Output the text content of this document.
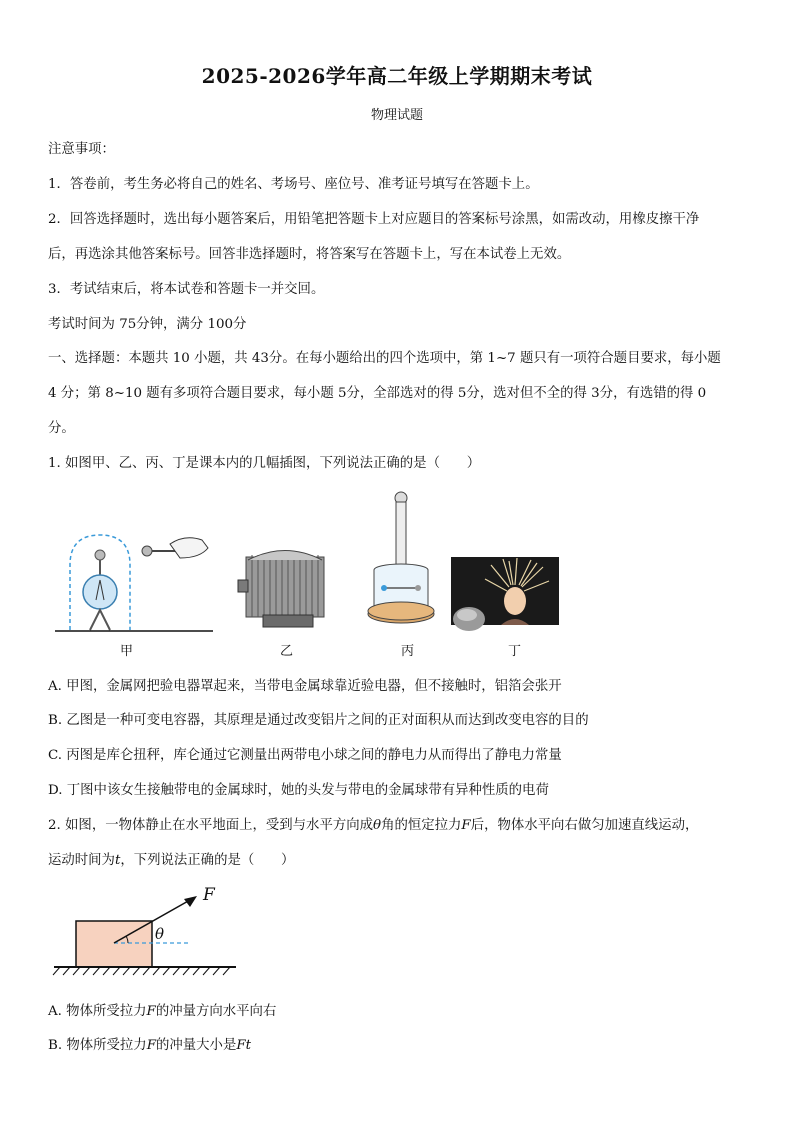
2025-2026学年高二年级上学期期末考试
物理试题
注意事项：
1．答卷前，考生务必将自己的姓名、考场号、座位号、准考证号填写在答题卡上。
2．回答选择题时，选出每小题答案后，用铅笔把答题卡上对应题目的答案标号涂黑，如需改动，用橡皮擦干净
后，再选涂其他答案标号。回答非选择题时，将答案写在答题卡上，写在本试卷上无效。
3．考试结束后，将本试卷和答题卡一并交回。
考试时间为 75分钟，满分 100分
一、选择题：本题共 10 小题，共 43分。在每小题给出的四个选项中，第 1~7 题只有一项符合题目要求，每小题
4 分；第 8~10 题有多项符合题目要求，每小题 5分，全部选对的得 5分，选对但不全的得 3分，有选错的得 0
分。
1. 如图甲、乙、丙、丁是课本内的几幅插图，下列说法正确的是（　　）
甲	乙	丙	丁
A. 甲图，金属网把验电器罩起来，当带电金属球靠近验电器，但不接触时，铝箔会张开
B. 乙图是一种可变电容器，其原理是通过改变铝片之间的正对面积从而达到改变电容的目的
C. 丙图是库仑扭秤，库仑通过它测量出两带电小球之间的静电力从而得出了静电力常量
D. 丁图中该女生接触带电的金属球时，她的头发与带电的金属球带有异种性质的电荷
2. 如图，一物体静止在水平地面上，受到与水平方向成θ角的恒定拉力F后，物体水平向右做匀加速直线运动，
运动时间为t，下列说法正确的是（　　）
F
θ
A. 物体所受拉力F的冲量方向水平向右
B. 物体所受拉力F的冲量大小是Ft
